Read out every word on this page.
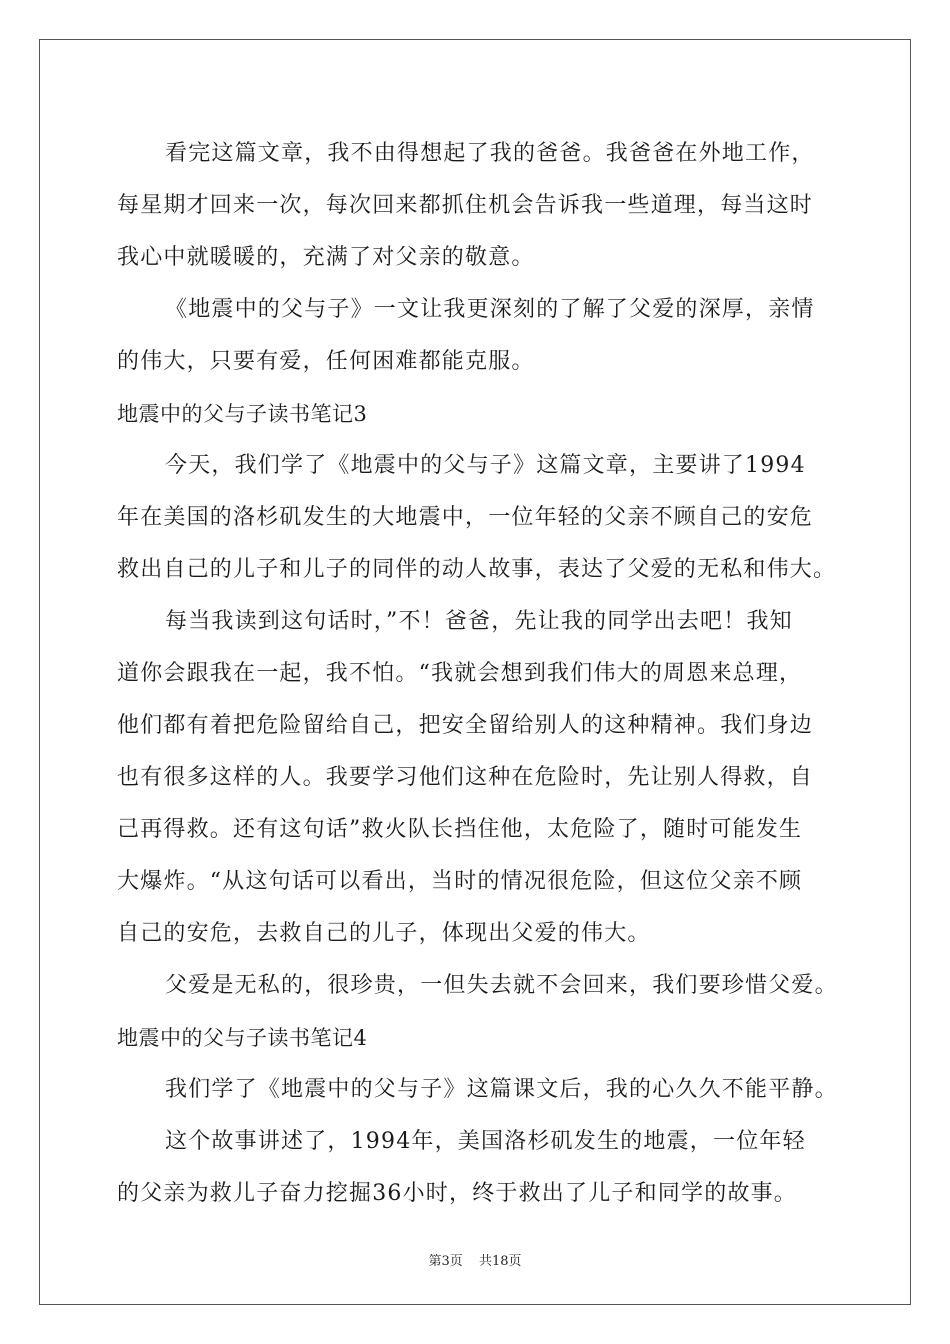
看完这篇文章，我不由得想起了我的爸爸。我爸爸在外地工作，
每星期才回来一次，每次回来都抓住机会告诉我一些道理，每当这时
我心中就暖暖的，充满了对父亲的敬意。
《地震中的父与子》一文让我更深刻的了解了父爱的深厚，亲情
的伟大，只要有爱，任何困难都能克服。
地震中的父与子读书笔记3
今天，我们学了《地震中的父与子》这篇文章，主要讲了1994
年在美国的洛杉矶发生的大地震中，一位年轻的父亲不顾自己的安危
救出自己的儿子和儿子的同伴的动人故事，表达了父爱的无私和伟大。
每当我读到这句话时，”不！爸爸，先让我的同学出去吧！我知
道你会跟我在一起，我不怕。“我就会想到我们伟大的周恩来总理，
他们都有着把危险留给自己，把安全留给别人的这种精神。我们身边
也有很多这样的人。我要学习他们这种在危险时，先让别人得救，自
己再得救。还有这句话”救火队长挡住他，太危险了，随时可能发生
大爆炸。“从这句话可以看出，当时的情况很危险，但这位父亲不顾
自己的安危，去救自己的儿子，体现出父爱的伟大。
父爱是无私的，很珍贵，一但失去就不会回来，我们要珍惜父爱。
地震中的父与子读书笔记4
我们学了《地震中的父与子》这篇课文后，我的心久久不能平静。
这个故事讲述了，1994年，美国洛杉矶发生的地震，一位年轻
的父亲为救儿子奋力挖掘36小时，终于救出了儿子和同学的故事。
第3页 共18页
